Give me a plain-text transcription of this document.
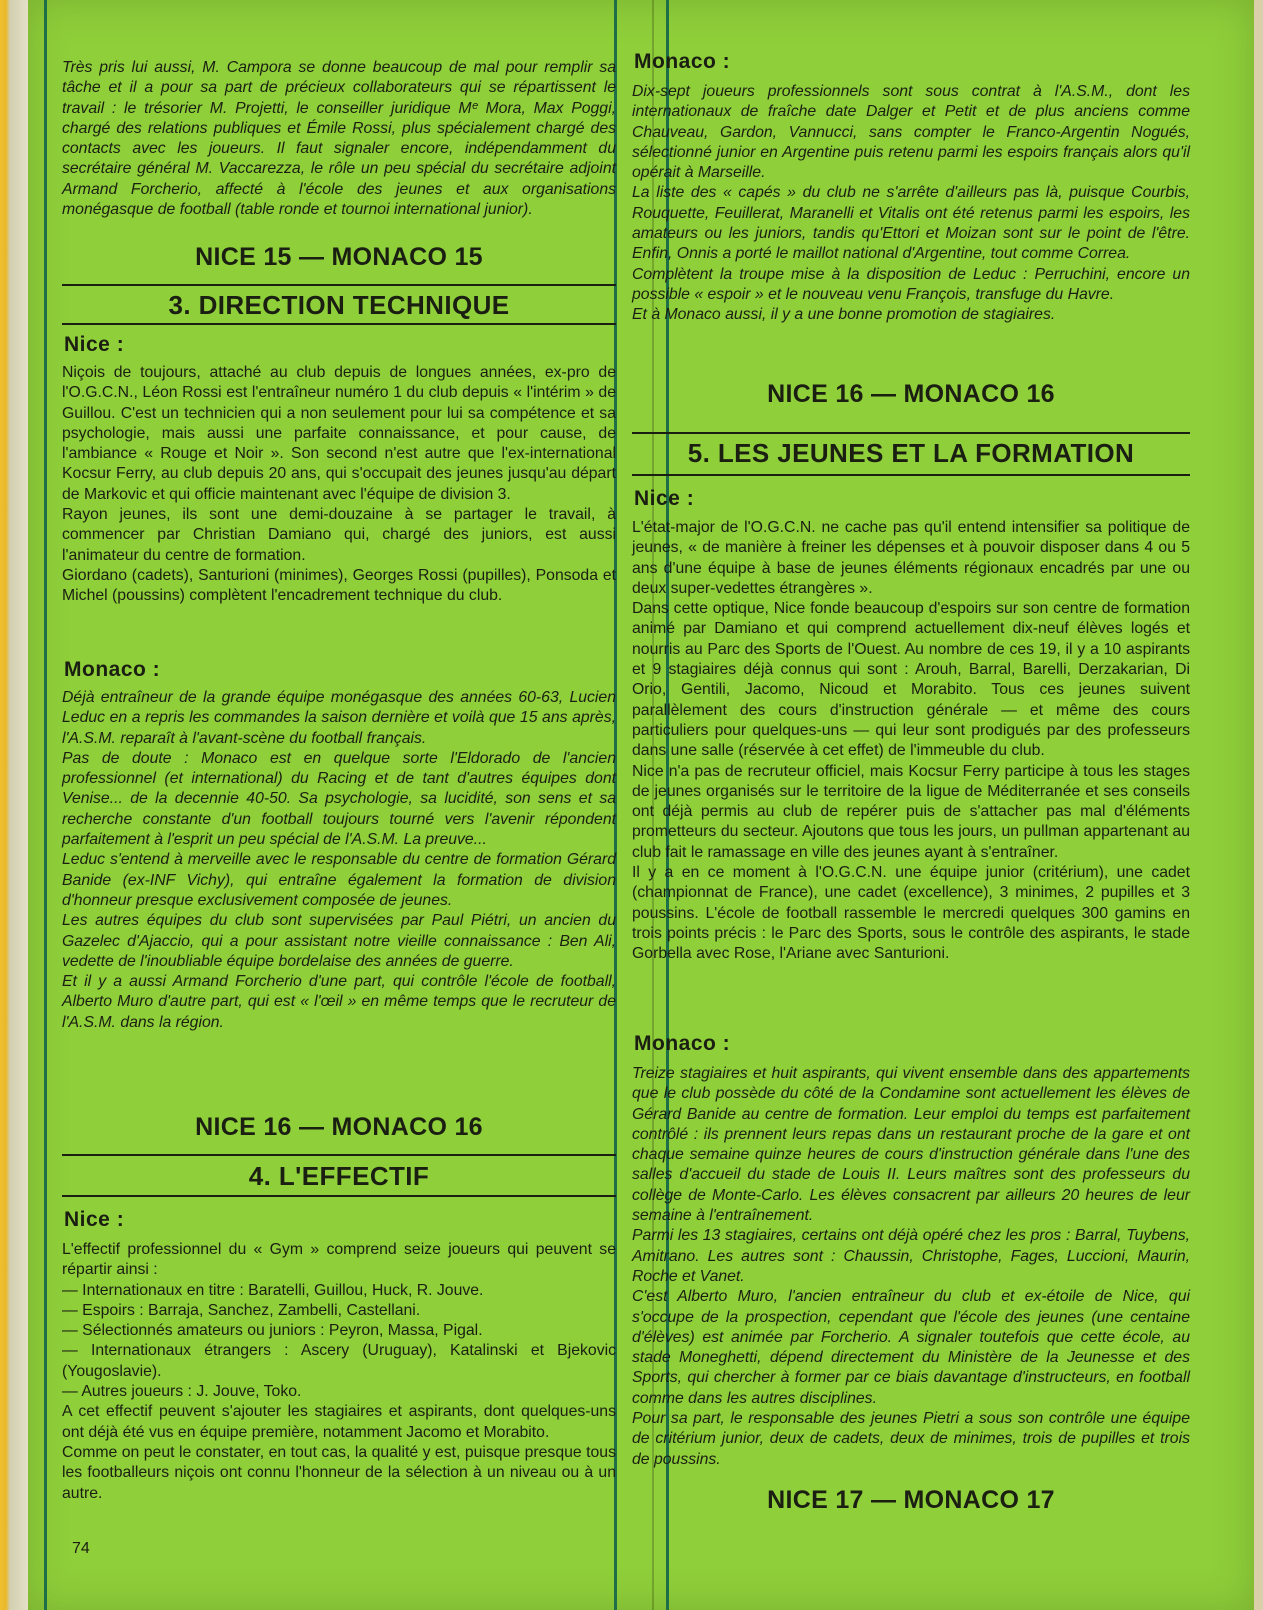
Très pris lui aussi, M. Campora se donne beaucoup de mal pour remplir sa tâche et il a pour sa part de précieux collaborateurs qui se répartissent le travail : le trésorier M. Projetti, le conseiller juridique Mᵉ Mora, Max Poggi, chargé des relations publiques et Émile Rossi, plus spécialement chargé des contacts avec les joueurs. Il faut signaler encore, indépendamment du secrétaire général M. Vaccarezza, le rôle un peu spécial du secrétaire adjoint Armand Forcherio, affecté à l'école des jeunes et aux organisations monégasque de football (table ronde et tournoi international junior).

NICE 15 — MONACO 15
3. DIRECTION TECHNIQUE
Nice :

Niçois de toujours, attaché au club depuis de longues années, ex-pro de l'O.G.C.N., Léon Rossi est l'entraîneur numéro 1 du club depuis « l'intérim » de Guillou. C'est un technicien qui a non seulement pour lui sa compétence et sa psychologie, mais aussi une parfaite connaissance, et pour cause, de l'ambiance « Rouge et Noir ». Son second n'est autre que l'ex-international Kocsur Ferry, au club depuis 20 ans, qui s'occupait des jeunes jusqu'au départ de Markovic et qui officie maintenant avec l'équipe de division 3.

Rayon jeunes, ils sont une demi-douzaine à se partager le travail, à commencer par Christian Damiano qui, chargé des juniors, est aussi l'animateur du centre de formation.

Giordano (cadets), Santurioni (minimes), Georges Rossi (pupilles), Ponsoda et Michel (poussins) complètent l'encadrement technique du club.

Monaco :

Déjà entraîneur de la grande équipe monégasque des années 60-63, Lucien Leduc en a repris les commandes la saison dernière et voilà que 15 ans après, l'A.S.M. reparaît à l'avant-scène du football français.

Pas de doute : Monaco est en quelque sorte l'Eldorado de l'ancien professionnel (et international) du Racing et de tant d'autres équipes dont Venise... de la decennie 40-50. Sa psychologie, sa lucidité, son sens et sa recherche constante d'un football toujours tourné vers l'avenir répondent parfaitement à l'esprit un peu spécial de l'A.S.M. La preuve...

Leduc s'entend à merveille avec le responsable du centre de formation Gérard Banide (ex-INF Vichy), qui entraîne également la formation de division d'honneur presque exclusivement composée de jeunes.

Les autres équipes du club sont supervisées par Paul Piétri, un ancien du Gazelec d'Ajaccio, qui a pour assistant notre vieille connaissance : Ben Ali, vedette de l'inoubliable équipe bordelaise des années de guerre.

Et il y a aussi Armand Forcherio d'une part, qui contrôle l'école de football, Alberto Muro d'autre part, qui est « l'œil » en même temps que le recruteur de l'A.S.M. dans la région.

NICE 16 — MONACO 16
4. L'EFFECTIF
Nice :

L'effectif professionnel du « Gym » comprend seize joueurs qui peuvent se répartir ainsi :

— Internationaux en titre : Baratelli, Guillou, Huck, R. Jouve.

— Espoirs : Barraja, Sanchez, Zambelli, Castellani.

— Sélectionnés amateurs ou juniors : Peyron, Massa, Pigal.

— Internationaux étrangers : Ascery (Uruguay), Katalinski et Bjekovic (Yougoslavie).

— Autres joueurs : J. Jouve, Toko.

A cet effectif peuvent s'ajouter les stagiaires et aspirants, dont quelques-uns ont déjà été vus en équipe première, notamment Jacomo et Morabito.

Comme on peut le constater, en tout cas, la qualité y est, puisque presque tous les footballeurs niçois ont connu l'honneur de la sélection à un niveau ou à un autre.

Monaco :

Dix-sept joueurs professionnels sont sous contrat à l'A.S.M., dont les internationaux de fraîche date Dalger et Petit et de plus anciens comme Chauveau, Gardon, Vannucci, sans compter le Franco-Argentin Nogués, sélectionné junior en Argentine puis retenu parmi les espoirs français alors qu'il opérait à Marseille.

La liste des « capés » du club ne s'arrête d'ailleurs pas là, puisque Courbis, Rouquette, Feuillerat, Maranelli et Vitalis ont été retenus parmi les espoirs, les amateurs ou les juniors, tandis qu'Ettori et Moizan sont sur le point de l'être. Enfin, Onnis a porté le maillot national d'Argentine, tout comme Correa.

Complètent la troupe mise à la disposition de Leduc : Perruchini, encore un possible « espoir » et le nouveau venu François, transfuge du Havre.

Et à Monaco aussi, il y a une bonne promotion de stagiaires.

NICE 16 — MONACO 16
5. LES JEUNES ET LA FORMATION
Nice :

L'état-major de l'O.G.C.N. ne cache pas qu'il entend intensifier sa politique de jeunes, « de manière à freiner les dépenses et à pouvoir disposer dans 4 ou 5 ans d'une équipe à base de jeunes éléments régionaux encadrés par une ou deux super-vedettes étrangères ».

Dans cette optique, Nice fonde beaucoup d'espoirs sur son centre de formation animé par Damiano et qui comprend actuellement dix-neuf élèves logés et nourris au Parc des Sports de l'Ouest. Au nombre de ces 19, il y a 10 aspirants et 9 stagiaires déjà connus qui sont : Arouh, Barral, Barelli, Derzakarian, Di Orio, Gentili, Jacomo, Nicoud et Morabito. Tous ces jeunes suivent parallèlement des cours d'instruction générale — et même des cours particuliers pour quelques-uns — qui leur sont prodigués par des professeurs dans une salle (réservée à cet effet) de l'immeuble du club.

Nice n'a pas de recruteur officiel, mais Kocsur Ferry participe à tous les stages de jeunes organisés sur le territoire de la ligue de Méditerranée et ses conseils ont déjà permis au club de repérer puis de s'attacher pas mal d'éléments prometteurs du secteur. Ajoutons que tous les jours, un pullman appartenant au club fait le ramassage en ville des jeunes ayant à s'entraîner.

Il y a en ce moment à l'O.G.C.N. une équipe junior (critérium), une cadet (championnat de France), une cadet (excellence), 3 minimes, 2 pupilles et 3 poussins. L'école de football rassemble le mercredi quelques 300 gamins en trois points précis : le Parc des Sports, sous le contrôle des aspirants, le stade Gorbella avec Rose, l'Ariane avec Santurioni.

Monaco :

Treize stagiaires et huit aspirants, qui vivent ensemble dans des appartements que le club possède du côté de la Condamine sont actuellement les élèves de Gérard Banide au centre de formation. Leur emploi du temps est parfaitement contrôlé : ils prennent leurs repas dans un restaurant proche de la gare et ont chaque semaine quinze heures de cours d'instruction générale dans l'une des salles d'accueil du stade de Louis II. Leurs maîtres sont des professeurs du collège de Monte-Carlo. Les élèves consacrent par ailleurs 20 heures de leur semaine à l'entraînement.

Parmi les 13 stagiaires, certains ont déjà opéré chez les pros : Barral, Tuybens, Amitrano. Les autres sont : Chaussin, Christophe, Fages, Luccioni, Maurin, Roche et Vanet.

C'est Alberto Muro, l'ancien entraîneur du club et ex-étoile de Nice, qui s'occupe de la prospection, cependant que l'école des jeunes (une centaine d'élèves) est animée par Forcherio. A signaler toutefois que cette école, au stade Moneghetti, dépend directement du Ministère de la Jeunesse et des Sports, qui chercher à former par ce biais davantage d'instructeurs, en football comme dans les autres disciplines.

Pour sa part, le responsable des jeunes Pietri a sous son contrôle une équipe de critérium junior, deux de cadets, deux de minimes, trois de pupilles et trois de poussins.

NICE 17 — MONACO 17
74
